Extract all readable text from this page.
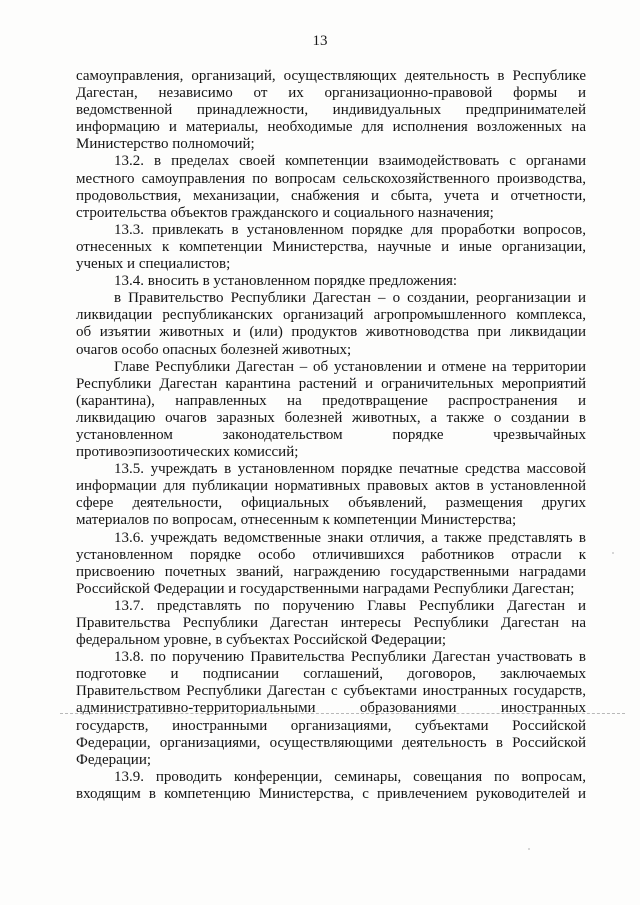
13
самоуправления, организаций, осуществляющих деятельность в Республике
Дагестан, независимо от их организационно-правовой формы и
ведомственной принадлежности, индивидуальных предпринимателей
информацию и материалы, необходимые для исполнения возложенных на
Министерство полномочий;
13.2. в пределах своей компетенции взаимодействовать с органами
местного самоуправления по вопросам сельскохозяйственного производства,
продовольствия, механизации, снабжения и сбыта, учета и отчетности,
строительства объектов гражданского и социального назначения;
13.3. привлекать в установленном порядке для проработки вопросов,
отнесенных к компетенции Министерства, научные и иные организации,
ученых и специалистов;
13.4. вносить в установленном порядке предложения:
в Правительство Республики Дагестан – о создании, реорганизации и
ликвидации республиканских организаций агропромышленного комплекса,
об изъятии животных и (или) продуктов животноводства при ликвидации
очагов особо опасных болезней животных;
Главе Республики Дагестан – об установлении и отмене на территории
Республики Дагестан карантина растений и ограничительных мероприятий
(карантина), направленных на предотвращение распространения и
ликвидацию очагов заразных болезней животных, а также о создании в
установленном законодательством порядке чрезвычайных
противоэпизоотических комиссий;
13.5. учреждать в установленном порядке печатные средства массовой
информации для публикации нормативных правовых актов в установленной
сфере деятельности, официальных объявлений, размещения других
материалов по вопросам, отнесенным к компетенции Министерства;
13.6. учреждать ведомственные знаки отличия, а также представлять в
установленном порядке особо отличившихся работников отрасли к
присвоению почетных званий, награждению государственными наградами
Российской Федерации и государственными наградами Республики Дагестан;
13.7. представлять по поручению Главы Республики Дагестан и
Правительства Республики Дагестан интересы Республики Дагестан на
федеральном уровне, в субъектах Российской Федерации;
13.8. по поручению Правительства Республики Дагестан участвовать в
подготовке и подписании соглашений, договоров, заключаемых
Правительством Республики Дагестан с субъектами иностранных государств,
административно-территориальными образованиями иностранных
государств, иностранными организациями, субъектами Российской
Федерации, организациями, осуществляющими деятельность в Российской
Федерации;
13.9. проводить конференции, семинары, совещания по вопросам,
входящим в компетенцию Министерства, с привлечением руководителей и
